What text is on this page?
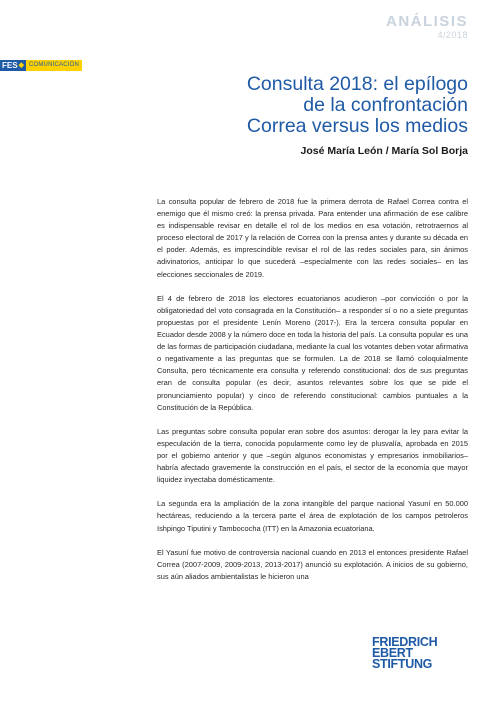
ANÁLISIS
4/2018
FES ◆ COMUNICACIÓN
Consulta 2018: el epílogo
de la confrontación
Correa versus los medios
José María León / María Sol Borja

La consulta popular de febrero de 2018 fue la primera derrota de Rafael Correa contra el enemigo que él mismo creó: la prensa privada. Para entender una afirmación de ese calibre es indispensable revisar en detalle el rol de los medios en esa votación, retrotraernos al proceso electoral de 2017 y la relación de Correa con la prensa antes y durante su década en el poder. Además, es imprescindible revisar el rol de las redes sociales para, sin ánimos adivinatorios, anticipar lo que sucederá –especialmente con las redes sociales– en las elecciones seccionales de 2019.

El 4 de febrero de 2018 los electores ecuatorianos acudieron –por convicción o por la obligatoriedad del voto consagrada en la Constitución– a responder sí o no a siete preguntas propuestas por el presidente Lenín Moreno (2017-). Era la tercera consulta popular en Ecuador desde 2008 y la número doce en toda la historia del país. La consulta popular es una de las formas de participación ciudadana, mediante la cual los votantes deben votar afirmativa o negativamente a las preguntas que se formulen. La de 2018 se llamó coloquialmente Consulta, pero técnicamente era consulta y referendo constitucional: dos de sus preguntas eran de consulta popular (es decir, asuntos relevantes sobre los que se pide el pronunciamiento popular) y cinco de referendo constitucional: cambios puntuales a la Constitución de la República.

Las preguntas sobre consulta popular eran sobre dos asuntos: derogar la ley para evitar la especulación de la tierra, conocida popularmente como ley de plusvalía, aprobada en 2015 por el gobierno anterior y que –según algunos economistas y empresarios inmobiliarios– habría afectado gravemente la construcción en el país, el sector de la economía que mayor liquidez inyectaba domésticamente.

La segunda era la ampliación de la zona intangible del parque nacional Yasuní en 50.000 hectáreas, reduciendo a la tercera parte el área de explotación de los campos petroleros Ishpingo Tiputini y Tambococha (ITT) en la Amazonia ecuatoriana.

El Yasuní fue motivo de controversia nacional cuando en 2013 el entonces presidente Rafael Correa (2007-2009, 2009-2013, 2013-2017) anunció su explotación. A inicios de su gobierno, sus aún aliados ambientalistas le hicieron una

FRIEDRICH
EBERT
STIFTUNG
